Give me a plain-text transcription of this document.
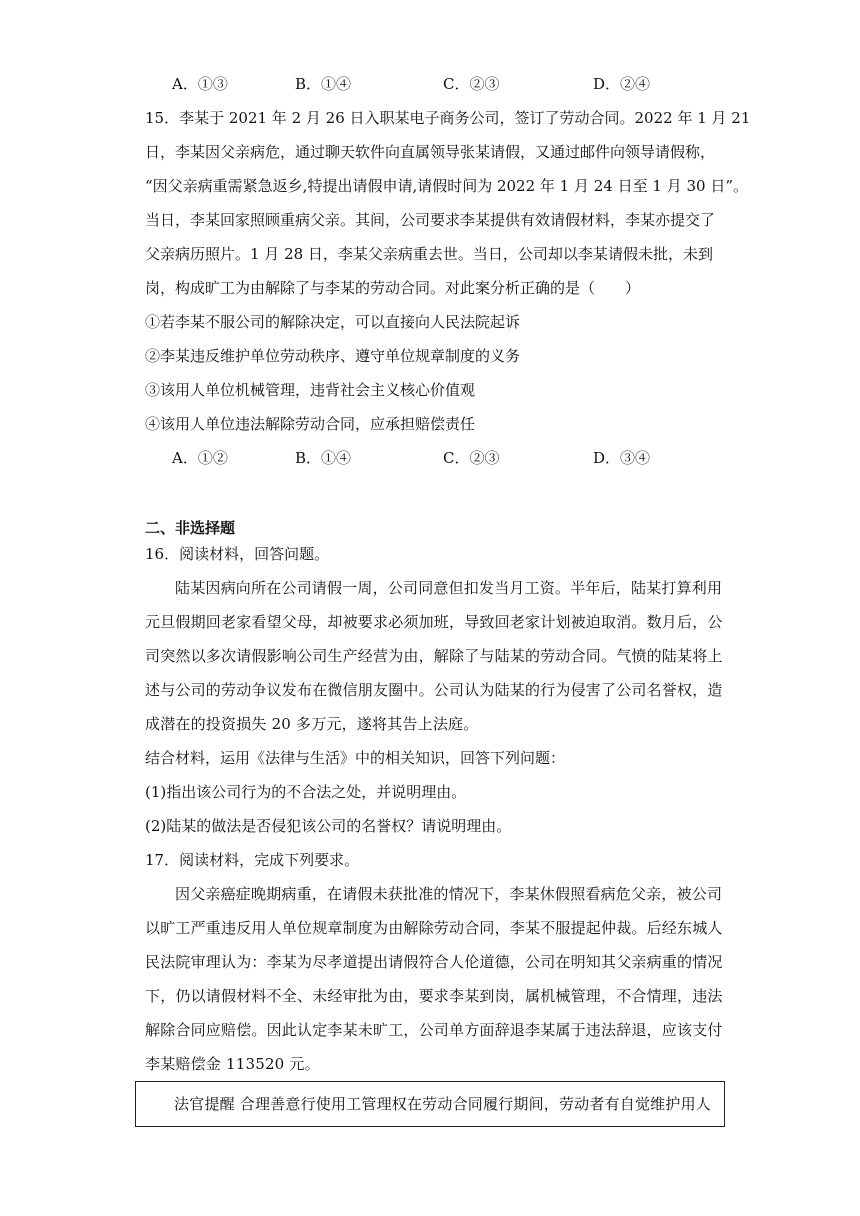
A．①③	B．①④	C．②③	D．②④
15．李某于 2021 年 2 月 26 日入职某电子商务公司，签订了劳动合同。2022 年 1 月 21
日，李某因父亲病危，通过聊天软件向直属领导张某请假，又通过邮件向领导请假称，
“因父亲病重需紧急返乡,特提出请假申请,请假时间为 2022 年 1 月 24 日至 1 月 30 日”。
当日，李某回家照顾重病父亲。其间，公司要求李某提供有效请假材料，李某亦提交了
父亲病历照片。1 月 28 日，李某父亲病重去世。当日，公司却以李某请假未批，未到
岗，构成旷工为由解除了与李某的劳动合同。对此案分析正确的是（　　）
①若李某不服公司的解除决定，可以直接向人民法院起诉
②李某违反维护单位劳动秩序、遵守单位规章制度的义务
③该用人单位机械管理，违背社会主义核心价值观
④该用人单位违法解除劳动合同，应承担赔偿责任
A．①②	B．①④	C．②③	D．③④
二、非选择题
16．阅读材料，回答问题。
陆某因病向所在公司请假一周，公司同意但扣发当月工资。半年后，陆某打算利用
元旦假期回老家看望父母，却被要求必须加班，导致回老家计划被迫取消。数月后，公
司突然以多次请假影响公司生产经营为由，解除了与陆某的劳动合同。气愤的陆某将上
述与公司的劳动争议发布在微信朋友圈中。公司认为陆某的行为侵害了公司名誉权，造
成潜在的投资损失 20 多万元，遂将其告上法庭。
结合材料，运用《法律与生活》中的相关知识，回答下列问题：
(1)指出该公司行为的不合法之处，并说明理由。
(2)陆某的做法是否侵犯该公司的名誉权？请说明理由。
17．阅读材料，完成下列要求。
因父亲癌症晚期病重，在请假未获批准的情况下，李某休假照看病危父亲，被公司
以旷工严重违反用人单位规章制度为由解除劳动合同，李某不服提起仲裁。后经东城人
民法院审理认为：李某为尽孝道提出请假符合人伦道德，公司在明知其父亲病重的情况
下，仍以请假材料不全、未经审批为由，要求李某到岗，属机械管理，不合情理，违法
解除合同应赔偿。因此认定李某未旷工，公司单方面辞退李某属于违法辞退，应该支付
李某赔偿金 113520 元。
法官提醒 合理善意行使用工管理权在劳动合同履行期间，劳动者有自觉维护用人
